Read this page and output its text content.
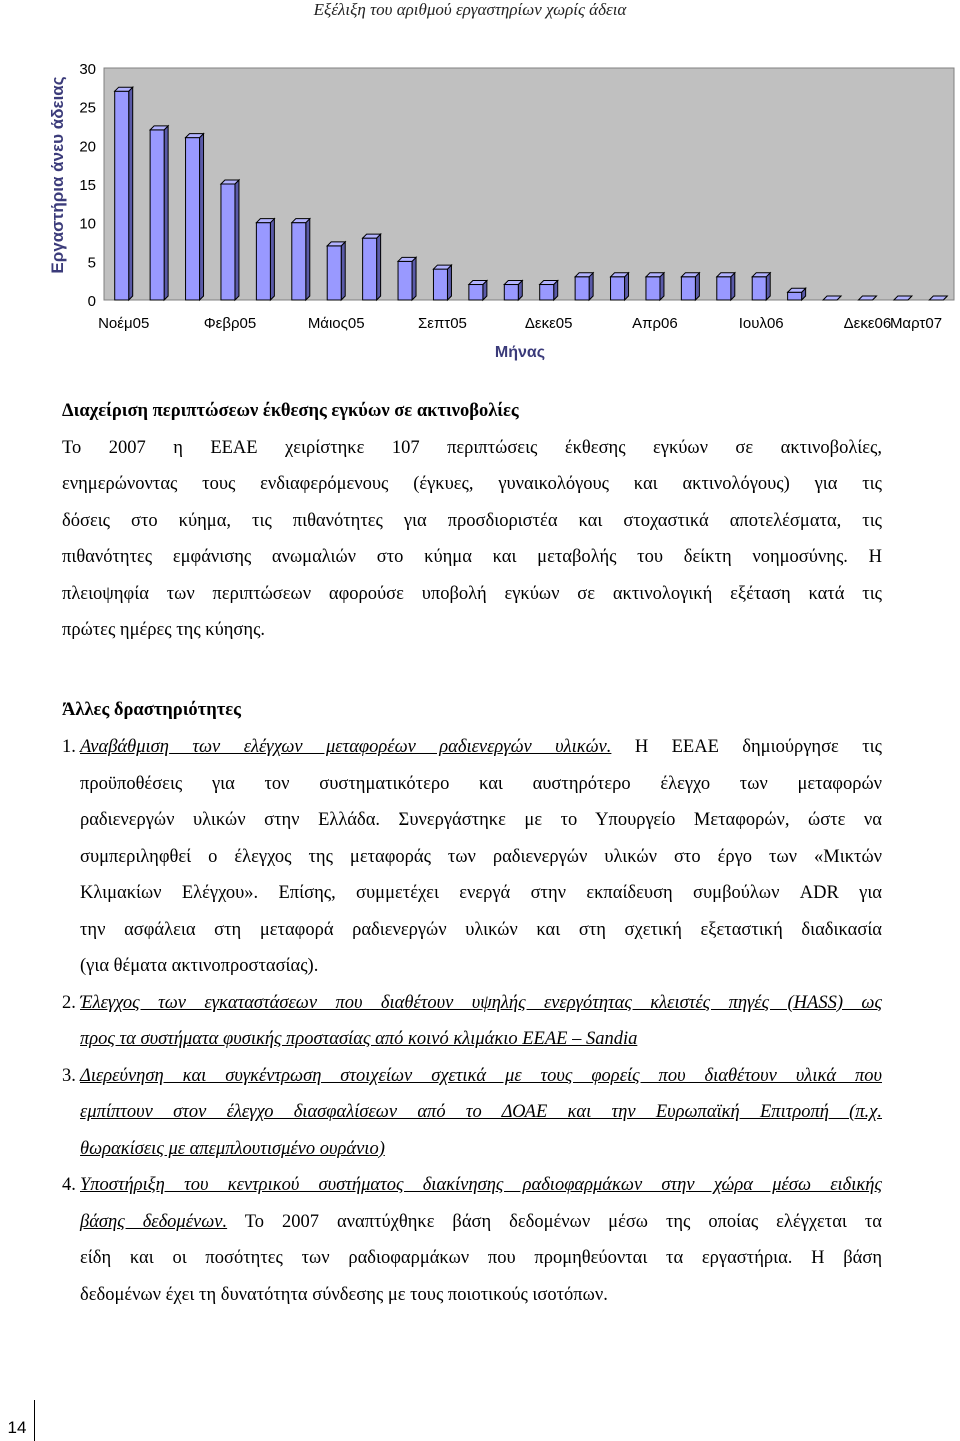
Εξέλιξη του αριθμού εργαστηρίων χωρίς άδεια
Εργαστήρια άνευ άδειας
0
5
10
15
20
25
30
Νοέμ05	Φεβρ05	Μάιος05	Σεπτ05	Δεκε05	Απρ06	Ιουλ06	Δεκε06
Μαρτ07
Μήνας
Διαχείριση περιπτώσεων έκθεσης εγκύων σε ακτινοβολίες
Το 2007 η ΕΕΑΕ χειρίστηκε 107 περιπτώσεις έκθεσης εγκύων σε ακτινοβολίες,
ενημερώνοντας τους ενδιαφερόμενους (έγκυες, γυναικολόγους και ακτινολόγους) για τις
δόσεις στο κύημα, τις πιθανότητες για προσδιοριστέα και στοχαστικά αποτελέσματα, τις
πιθανότητες εμφάνισης ανωμαλιών στο κύημα και μεταβολής του δείκτη νοημοσύνης. Η
πλειοψηφία των περιπτώσεων αφορούσε υποβολή εγκύων σε ακτινολογική εξέταση κατά τις
πρώτες ημέρες της κύησης.
Άλλες δραστηριότητες
1. Αναβάθμιση των ελέγχων μεταφορέων ραδιενεργών υλικών. Η ΕΕΑΕ δημιούργησε τις
προϋποθέσεις για τον συστηματικότερο και αυστηρότερο έλεγχο των μεταφορών
ραδιενεργών υλικών στην Ελλάδα. Συνεργάστηκε με το Υπουργείο Μεταφορών, ώστε να
συμπεριληφθεί ο έλεγχος της μεταφοράς των ραδιενεργών υλικών στο έργο των «Μικτών
Κλιμακίων Ελέγχου». Επίσης, συμμετέχει ενεργά στην εκπαίδευση συμβούλων ADR για
την ασφάλεια στη μεταφορά ραδιενεργών υλικών και στη σχετική εξεταστική διαδικασία
(για θέματα ακτινοπροστασίας).
2. Έλεγχος των εγκαταστάσεων που διαθέτουν υψηλής ενεργότητας κλειστές πηγές (HASS) ως
προς τα συστήματα φυσικής προστασίας από κοινό κλιμάκιο ΕΕΑΕ – Sandia
3. Διερεύνηση και συγκέντρωση στοιχείων σχετικά με τους φορείς που διαθέτουν υλικά που
εμπίπτουν στον έλεγχο διασφαλίσεων από το ΔΟΑΕ και την Ευρωπαϊκή Επιτροπή (π.χ.
θωρακίσεις με απεμπλουτισμένο ουράνιο)
4. Υποστήριξη του κεντρικού συστήματος διακίνησης ραδιοφαρμάκων στην χώρα μέσω ειδικής
βάσης δεδομένων. Το 2007 αναπτύχθηκε βάση δεδομένων μέσω της οποίας ελέγχεται τα
είδη και οι ποσότητες των ραδιοφαρμάκων που προμηθεύονται τα εργαστήρια. Η βάση
δεδομένων έχει τη δυνατότητα σύνδεσης με τους ποιοτικούς ισοτόπων.
14
